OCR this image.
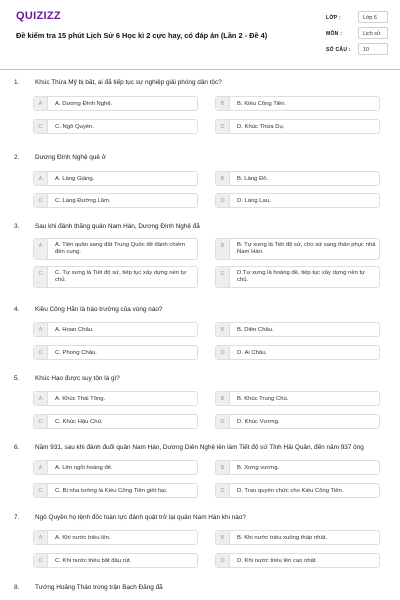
QUIZIZZ
Đề kiểm tra 15 phút Lịch Sử 6 Học kì 2 cực hay, có đáp án (Lần 2 - Đề 4)
LỚP :	Lớp 6
MÔN :	Lịch sử
SỐ CÂU :	10
1. Khúc Thừa Mỹ bị bắt, ai đã tiếp tục sự nghiệp giải phóng dân tộc?
A	A. Dương Đình Nghệ.	B	B. Kiều Công Tiễn.
C	C. Ngô Quyền.	D	D. Khúc Thừa Dụ.
2. Dương Đình Nghệ quê ở
A	A. Làng Giàng.	B	B. Làng Đô.
C	C. Làng Đường Lâm.	D	D. Làng Lau.
3. Sau khi đánh thắng quân Nam Hán, Dương Đình Nghệ đã
A	A. Tiến quân sang đất Trung Quốc để đánh chiếm đền cung.
B	B. Tự xưng là Tiết độ sứ, cho sứ sang thần phục nhà Nam Hán.
C	C. Tự xưng là Tiết độ sứ, tiếp tục xây dựng nền tự chủ.
D	D.Tự xưng là hoàng đế, tiếp tục xây dựng nền tự chủ.
4. Kiều Công Hãn là hào trưởng của vùng nào?
A	A. Hoan Châu.	B	B. Diễn Châu.
C	C. Phong Châu.	D	D. Ái Châu.
5. Khúc Hạo được suy tôn là gì?
A	A. Khúc Thái Tông.	B	B. Khúc Trung Chủ.
C	C. Khúc Hậu Chủ.	D	D. Khúc Vương.
6. Năm 931, sau khi đánh đuổi quân Nam Hán, Dương Diên Nghệ lên làm Tiết độ sứ Tỉnh Hải Quân, đến năm 937 ông
A	A. Lên ngôi hoàng đế.	B	B. Xưng vương.
C	C. Bị nha tướng là Kiều Công Tiễn giết hại.	D	D. Trao quyền chức cho Kiều Công Tiễn.
7. Ngô Quyền họ lệnh đốc toàn lực đánh quật trở lại quân Nam Hán khi nào?
A	A. Khi nước triều lên.	B	B. Khi nước triều xuống thấp nhất.
C	C. Khi nước triều bắt đầu rút.	D	D. Khi nước triều lên cao nhất.
8. Tướng Hoằng Tháo trong trận Bạch Đằng đã
